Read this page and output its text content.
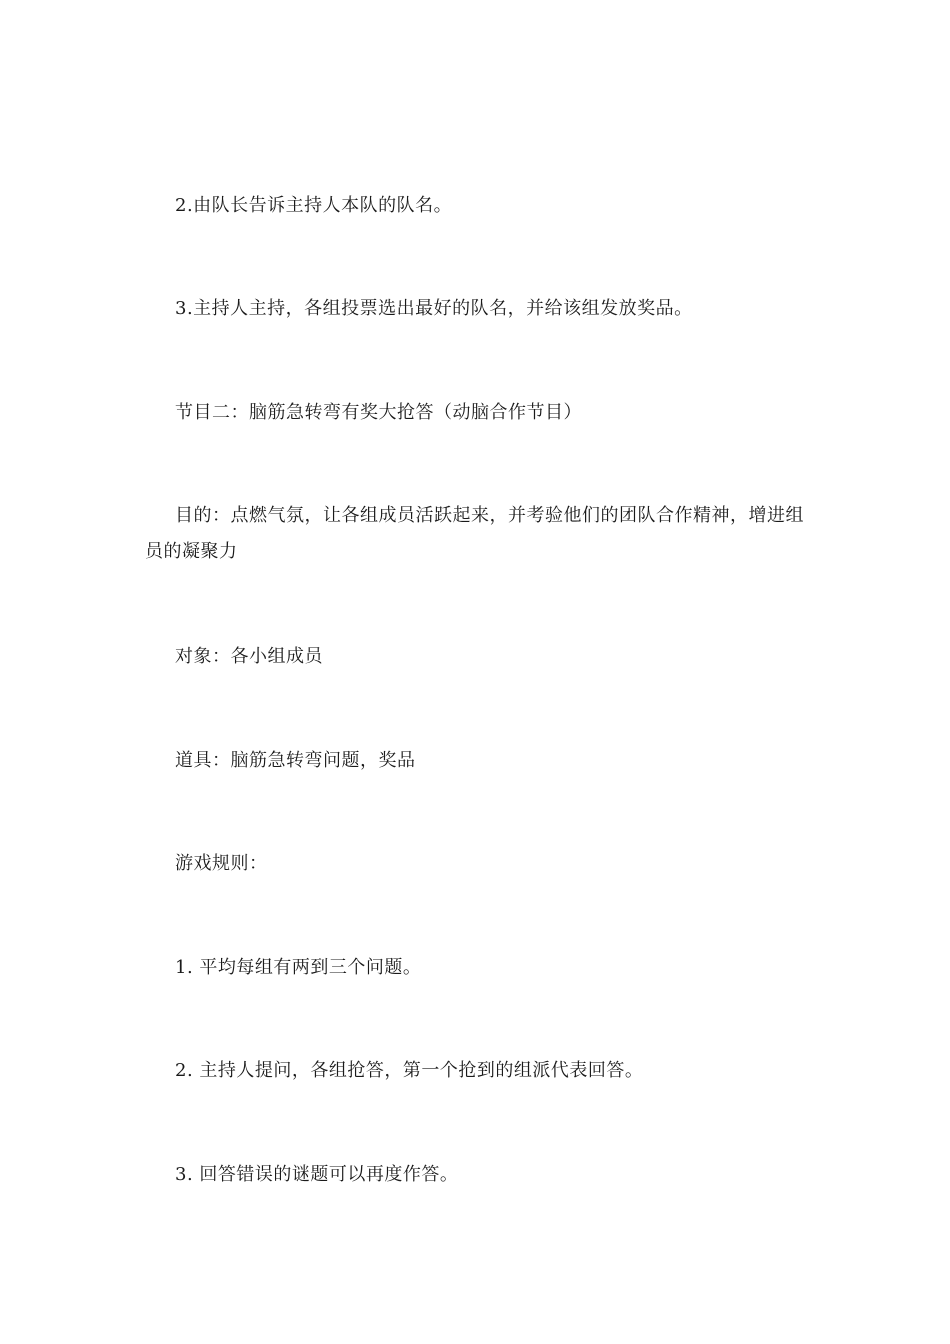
2.由队长告诉主持人本队的队名。

3.主持人主持，各组投票选出最好的队名，并给该组发放奖品。

节目二：脑筋急转弯有奖大抢答（动脑合作节目）

目的：点燃气氛，让各组成员活跃起来，并考验他们的团队合作精神，增进组员的凝聚力

对象：各小组成员

道具：脑筋急转弯问题，奖品

游戏规则：

1. 平均每组有两到三个问题。

2. 主持人提问，各组抢答，第一个抢到的组派代表回答。

3. 回答错误的谜题可以再度作答。
